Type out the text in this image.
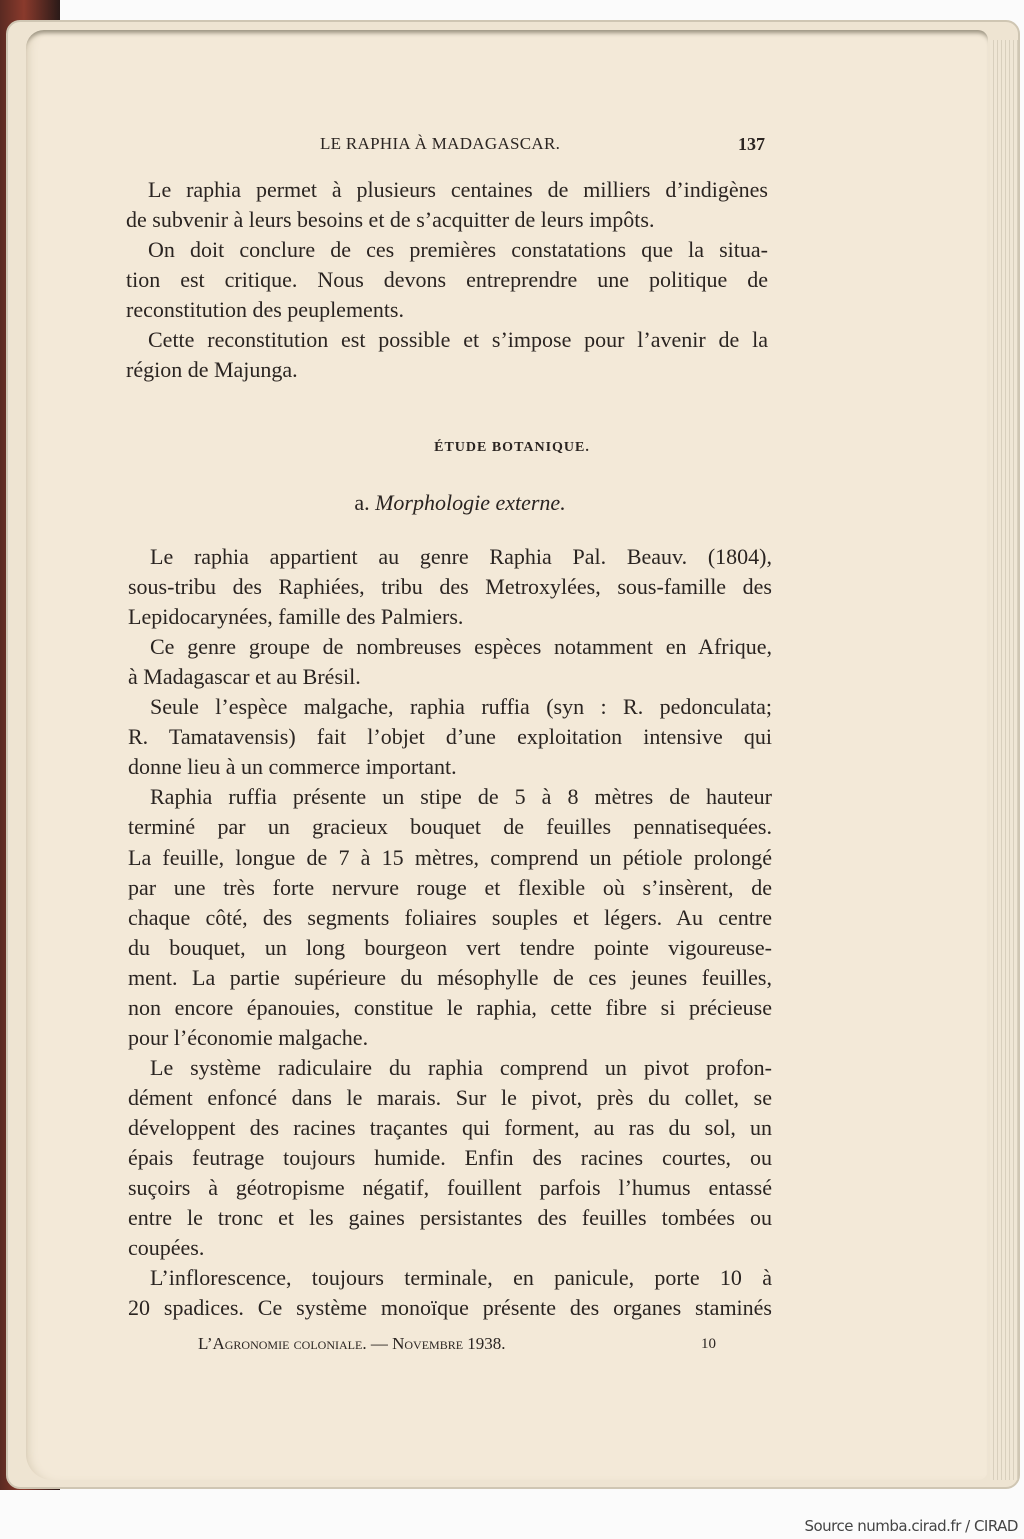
LE RAPHIA À MADAGASCAR.	137
Le raphia permet à plusieurs centaines de milliers d’indigènes
de subvenir à leurs besoins et de s’acquitter de leurs impôts.
On doit conclure de ces premières constatations que la situa-
tion est critique. Nous devons entreprendre une politique de
reconstitution des peuplements.
Cette reconstitution est possible et s’impose pour l’avenir de la
région de Majunga.
ÉTUDE BOTANIQUE.
a. Morphologie externe.
Le raphia appartient au genre Raphia Pal. Beauv. (1804),
sous-tribu des Raphiées, tribu des Metroxylées, sous-famille des
Lepidocarynées, famille des Palmiers.
Ce genre groupe de nombreuses espèces notamment en Afrique,
à Madagascar et au Brésil.
Seule l’espèce malgache, raphia ruffia (syn : R. pedonculata;
R. Tamatavensis) fait l’objet d’une exploitation intensive qui
donne lieu à un commerce important.
Raphia ruffia présente un stipe de 5 à 8 mètres de hauteur
terminé par un gracieux bouquet de feuilles pennatisequées.
La feuille, longue de 7 à 15 mètres, comprend un pétiole prolongé
par une très forte nervure rouge et flexible où s’insèrent, de
chaque côté, des segments foliaires souples et légers. Au centre
du bouquet, un long bourgeon vert tendre pointe vigoureuse-
ment. La partie supérieure du mésophylle de ces jeunes feuilles,
non encore épanouies, constitue le raphia, cette fibre si précieuse
pour l’économie malgache.
Le système radiculaire du raphia comprend un pivot profon-
dément enfoncé dans le marais. Sur le pivot, près du collet, se
développent des racines traçantes qui forment, au ras du sol, un
épais feutrage toujours humide. Enfin des racines courtes, ou
suçoirs à géotropisme négatif, fouillent parfois l’humus entassé
entre le tronc et les gaines persistantes des feuilles tombées ou
coupées.
L’inflorescence, toujours terminale, en panicule, porte 10 à
20 spadices. Ce système monoïque présente des organes staminés
L’Agronomie coloniale. — Novembre 1938.	10
Source numba.cirad.fr / CIRAD
